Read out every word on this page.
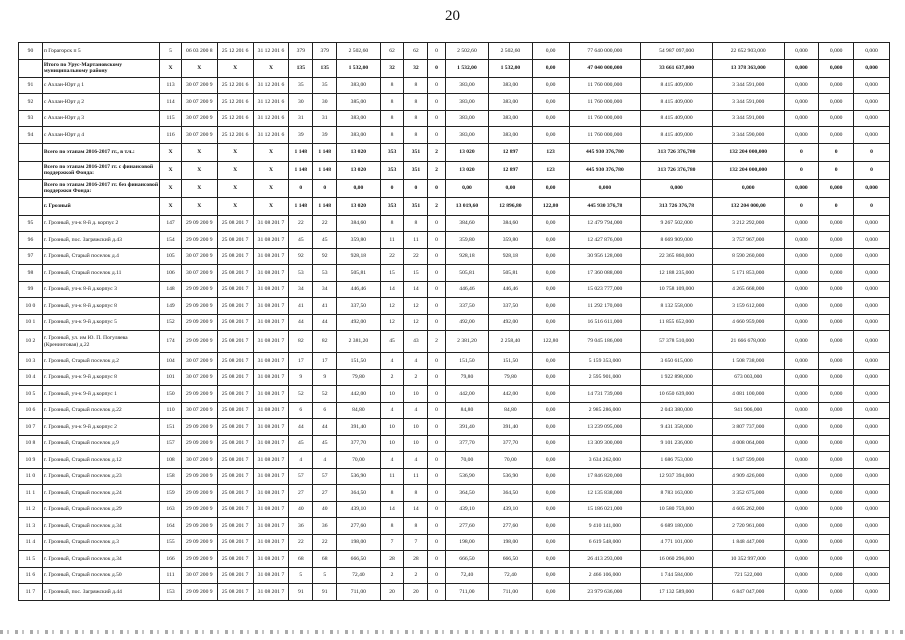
20
90	п Горагорск п 5	5	06 03 200 8	25 12 201 6	31 12 201 6	379	379	2 502,60	62	62	0	2 502,60	2 502,60	0,00	77 640 000,000	54 987 097,000	22 652 903,000	0,000	0,000	0,000
	Итого по Урус-Мартановскому муниципальному району	X	X	X	X	135	135	1 532,00	32	32	0	1 532,00	1 532,00	0,00	47 040 000,000	33 661 637,000	13 378 363,000	0,000	0,000	0,000
91	с Ахлан-Юрт д 1	113	30 07 200 9	25 12 201 6	31 12 201 6	35	35	383,00	8	8	0	383,00	383,00	0,00	11 760 000,000	8 415 409,000	3 344 591,000	0,000	0,000	0,000
92	с Ахлан-Юрт д 2	114	30 07 200 9	25 12 201 6	31 12 201 6	30	30	385,00	8	8	0	383,00	383,00	0,00	11 760 000,000	8 415 409,000	3 344 591,000	0,000	0,000	0,000
93	с Ахлан-Юрт д 3	115	30 07 200 9	25 12 201 6	31 12 201 6	31	31	383,00	8	8	0	383,00	383,00	0,00	11 760 000,000	8 415 409,000	3 344 591,000	0,000	0,000	0,000
94	с Ахлан-Юрт д 4	116	30 07 200 9	25 12 201 6	31 12 201 6	39	39	383,00	8	8	0	383,00	383,00	0,00	11 760 000,000	8 415 409,000	3 344 590,000	0,000	0,000	0,000
	Всего по этапам 2016-2017 гг., в т.ч.:	X	X	X	X	1 148	1 148	13 020	353	351	2	13 020	12 897	123	445 930 376,780	313 726 376,780	132 204 000,000	0	0	0
	Всего по этапам 2016-2017 гг. с финансовой поддержкой Фонда:	X	X	X	X	1 148	1 148	13 020	353	351	2	13 020	12 897	123	445 930 376,780	313 726 376,780	132 204 000,000	0	0	0
	Всего по этапам 2016-2017 гг. без финансовой поддержки Фонда:	X	X	X	X	0	0	0,00	0	0	0	0,00	0,00	0,00	0,000	0,000	0,000	0,000	0,000	0,000
	г. Грозный	X	X	X	X	1 148	1 148	13 020	353	351	2	13 019,60	12 896,80	122,80	445 930 376,78	313 726 376,78	132 204 000,00	0	0	0
95	г. Грозный, уч-к 8-й д. корпус 2	147	29 09 200 9	25 08 201 7	31 08 201 7	22	22	384,60	8	8	0	384,60	384,60	0,00	12 479 794,000	9 267 502,000	3 212 292,000	0,000	0,000	0,000
96	г. Грозный, пос. Загряжский д.43	154	29 09 200 9	25 08 201 7	31 08 201 7	45	45	359,80	11	11	0	359,80	359,80	0,00	12 427 876,000	8 669 909,000	3 757 967,000	0,000	0,000	0,000
97	г. Грозный, Старый поселок д.4	105	30 07 200 9	25 08 201 7	31 08 201 7	92	92	928,18	22	22	0	928,18	928,18	0,00	30 956 128,000	22 365 860,000	8 590 260,000	0,000	0,000	0,000
98	г. Грозный, Старый поселок д.11	106	30 07 200 9	25 08 201 7	31 08 201 7	53	53	505,81	15	15	0	505,81	505,81	0,00	17 360 088,000	12 188 235,000	5 171 853,000	0,000	0,000	0,000
99	г. Грозный, уч-к 8-й д.корпус 3	148	29 09 200 9	25 08 201 7	31 08 201 7	34	34	446,46	14	14	0	446,46	446,46	0,00	15 023 777,000	10 758 109,000	4 265 668,000	0,000	0,000	0,000
10 0	г. Грозный, уч-к 8-й д.корпус 8	149	29 09 200 9	25 08 201 7	31 08 201 7	41	41	337,50	12	12	0	337,50	337,50	0,00	11 292 170,000	8 132 558,000	3 159 612,000	0,000	0,000	0,000
10 1	г. Грозный, уч-к 9-й д.корпус 5	152	29 09 200 9	25 08 201 7	31 08 201 7	44	44	492,00	12	12	0	492,00	492,00	0,00	16 516 611,000	11 855 652,000	4 660 959,000	0,000	0,000	0,000
10 2	г. Грозный, ул. им Ю. П. Погуляева (Кренинговая) д.22	174	29 09 200 9	25 08 201 7	31 08 201 7	82	82	2 381,20	45	43	2	2 381,20	2 258,40	122,80	79 045 186,000	57 378 510,000	21 666 678,000	0,000	0,000	0,000
10 3	г. Грозный, Старый поселок д.2	104	30 07 200 9	25 08 201 7	31 08 201 7	17	17	151,50	4	4	0	151,50	151,50	0,00	5 159 353,000	3 650 615,000	1 508 738,000	0,000	0,000	0,000
10 4	г. Грозный, уч-к 9-й д.корпус 8	101	30 07 200 9	25 08 201 7	31 08 201 7	9	9	79,80	2	2	0	79,80	79,80	0,00	2 595 901,000	1 922 898,000	673 003,000	0,000	0,000	0,000
10 5	г. Грозный, уч-к 9-й д.корпус 1	150	29 09 200 9	25 08 201 7	31 08 201 7	52	52	442,00	10	10	0	442,00	442,00	0,00	14 731 739,000	10 650 639,000	4 081 100,000	0,000	0,000	0,000
10 6	г. Грозный, Старый поселок д.22	110	30 07 200 9	25 08 201 7	31 08 201 7	6	6	84,80	4	4	0	84,80	84,80	0,00	2 985 286,000	2 043 380,000	941 906,000	0,000	0,000	0,000
10 7	г. Грозный, уч-к 9-й д.корпус 2	151	29 09 200 9	25 08 201 7	31 08 201 7	44	44	391,40	10	10	0	391,40	391,40	0,00	13 239 095,000	9 431 358,000	3 807 737,000	0,000	0,000	0,000
10 8	г. Грозный, Старый поселок д.9	157	29 09 200 9	25 08 201 7	31 08 201 7	45	45	377,70	10	10	0	377,70	377,70	0,00	13 309 300,000	9 101 236,000	4 008 064,000	0,000	0,000	0,000
10 9	г. Грозный, Старый поселок д.12	108	30 07 200 9	25 08 201 7	31 08 201 7	4	4	70,00	4	4	0	70,00	70,00	0,00	3 634 262,000	1 686 753,000	1 947 599,000	0,000	0,000	0,000
11 0	г. Грозный, Старый поселок д.23	158	29 09 200 9	25 08 201 7	31 08 201 7	57	57	536,90	11	11	0	536,90	536,90	0,00	17 846 820,000	12 937 394,000	4 909 426,000	0,000	0,000	0,000
11 1	г. Грозный, Старый поселок д.24	159	29 09 200 9	25 08 201 7	31 08 201 7	27	27	364,50	8	8	0	364,50	364,50	0,00	12 135 838,000	8 783 163,000	3 352 675,000	0,000	0,000	0,000
11 2	г. Грозный, Старый поселок д.29	163	29 09 200 9	25 08 201 7	31 08 201 7	40	40	439,10	14	14	0	439,10	439,10	0,00	15 186 021,000	10 580 759,000	4 605 262,000	0,000	0,000	0,000
11 3	г. Грозный, Старый поселок д.34	164	29 09 200 9	25 08 201 7	31 08 201 7	36	36	277,60	8	8	0	277,60	277,60	0,00	9 410 141,000	6 689 180,000	2 720 961,000	0,000	0,000	0,000
11 4	г. Грозный, Старый поселок д.3	155	29 09 200 9	25 08 201 7	31 08 201 7	22	22	198,00	7	7	0	198,00	198,00	0,00	6 619 548,000	4 771 101,000	1 848 447,000	0,000	0,000	0,000
11 5	г. Грозный, Старый поселок д.34	166	29 09 200 9	25 08 201 7	31 08 201 7	68	68	666,50	28	28	0	666,50	666,50	0,00	26 413 293,000	16 060 296,000	10 352 997,000	0,000	0,000	0,000
11 6	г. Грозный, Старый поселок д.50	111	30 07 200 9	25 08 201 7	31 08 201 7	5	5	72,40	2	2	0	72,40	72,40	0,00	2 466 106,000	1 744 584,000	721 522,000	0,000	0,000	0,000
11 7	г. Грозный, пос. Загряжский д.44	153	29 09 200 9	25 08 201 7	31 08 201 7	91	91	711,00	20	20	0	711,00	711,00	0,00	23 979 636,000	17 132 589,000	6 847 047,000	0,000	0,000	0,000
